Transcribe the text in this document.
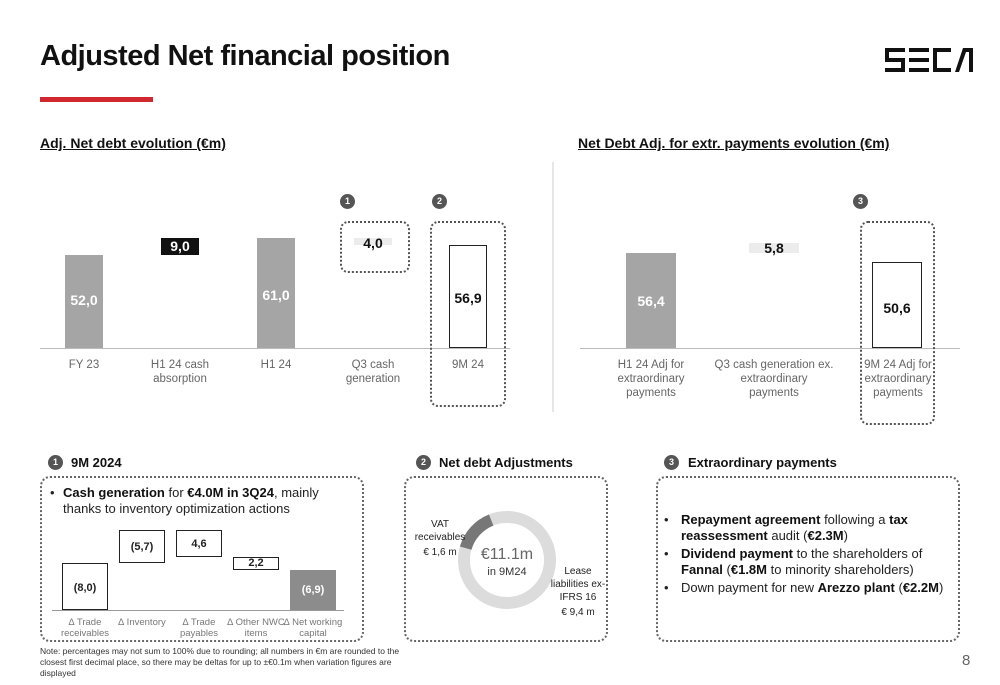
Adjusted Net financial position
Adj. Net debt evolution (€m)
52,0
9,0
61,0
4,0
1
56,9
2
FY 23	H1 24 cash absorption
H1 24	Q3 cash generation
9M 24
Net Debt Adj. for extr. payments evolution (€m)
56,4
5,8
50,6
3
H1 24 Adj for extraordinary payments
Q3 cash generation ex. extraordinary payments
9M 24 Adj for extraordinary payments
1	9M 2024
• Cash generation for €4.0M in 3Q24, mainly thanks to inventory optimization actions
(8,0)
(5,7)	4,6
2,2
(6,9)
∆ Trade receivables
∆ Inventory	∆ Trade payables
∆ Other NWC items
∆ Net working capital
2	Net debt Adjustments
€11.1m
in 9M24
VAT receivables
€ 1,6 m
Lease liabilities ex-IFRS 16
€ 9,4 m
3	Extraordinary payments
• Repayment agreement following a tax reassessment audit (€2.3M)
• Dividend payment to the shareholders of Fannal (€1.8M to minority shareholders)
• Down payment for new Arezzo plant (€2.2M)
Note: percentages may not sum to 100% due to rounding; all numbers in €m are rounded to the closest first decimal place, so there may be deltas for up to ±€0.1m when variation figures are displayed
8
